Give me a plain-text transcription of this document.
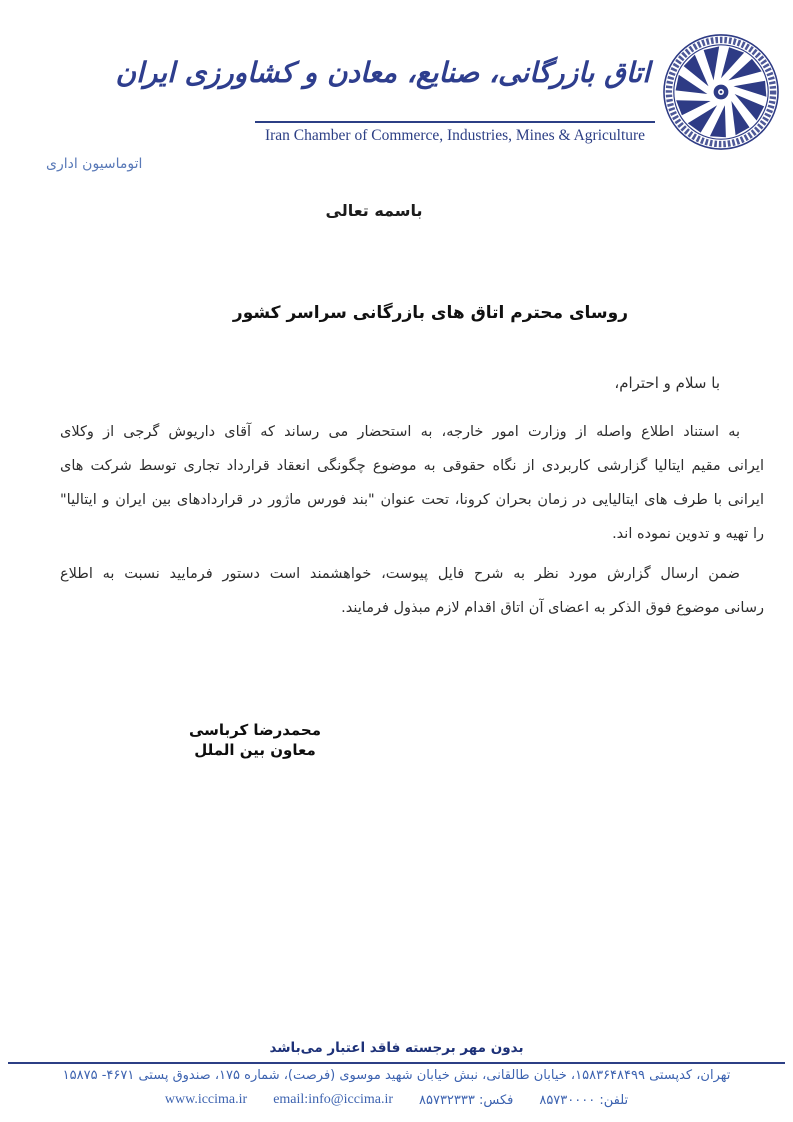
اتاق بازرگانی، صنایع، معادن و کشاورزی ایران
Iran Chamber of Commerce, Industries, Mines & Agriculture
اتوماسیون اداری
باسمه تعالی
روسای محترم اتاق های بازرگانی سراسر کشور
با سلام و احترام،
به استناد اطلاع واصله از وزارت امور خارجه، به استحضار می رساند که آقای داریوش گرجی از وکلای
ایرانی مقیم ایتالیا گزارشی کاربردی از نگاه حقوقی به موضوع چگونگی انعقاد قرارداد تجاری توسط شرکت های
ایرانی با طرف های ایتالیایی در زمان بحران کرونا، تحت عنوان "بند فورس ماژور در قراردادهای بین ایران و ایتالیا"
را تهیه و تدوین نموده اند.
ضمن ارسال گزارش مورد نظر به شرح فایل پیوست، خواهشمند است دستور فرمایید نسبت به اطلاع
رسانی موضوع فوق الذکر به اعضای آن اتاق اقدام لازم مبذول فرمایند.
محمدرضا کرباسی
معاون بین الملل
بدون مهر برجسته فاقد اعتبار می‌باشد
تهران، کدپستی ۱۵۸۳۶۴۸۴۹۹، خیابان طالقانی، نبش خیابان شهید موسوی (فرصت)، شماره ۱۷۵، صندوق پستی ۴۶۷۱- ۱۵۸۷۵
تلفن: ۸۵۷۳۰۰۰۰
فکس: ۸۵۷۳۲۳۳۳
email:info@iccima.ir
www.iccima.ir
